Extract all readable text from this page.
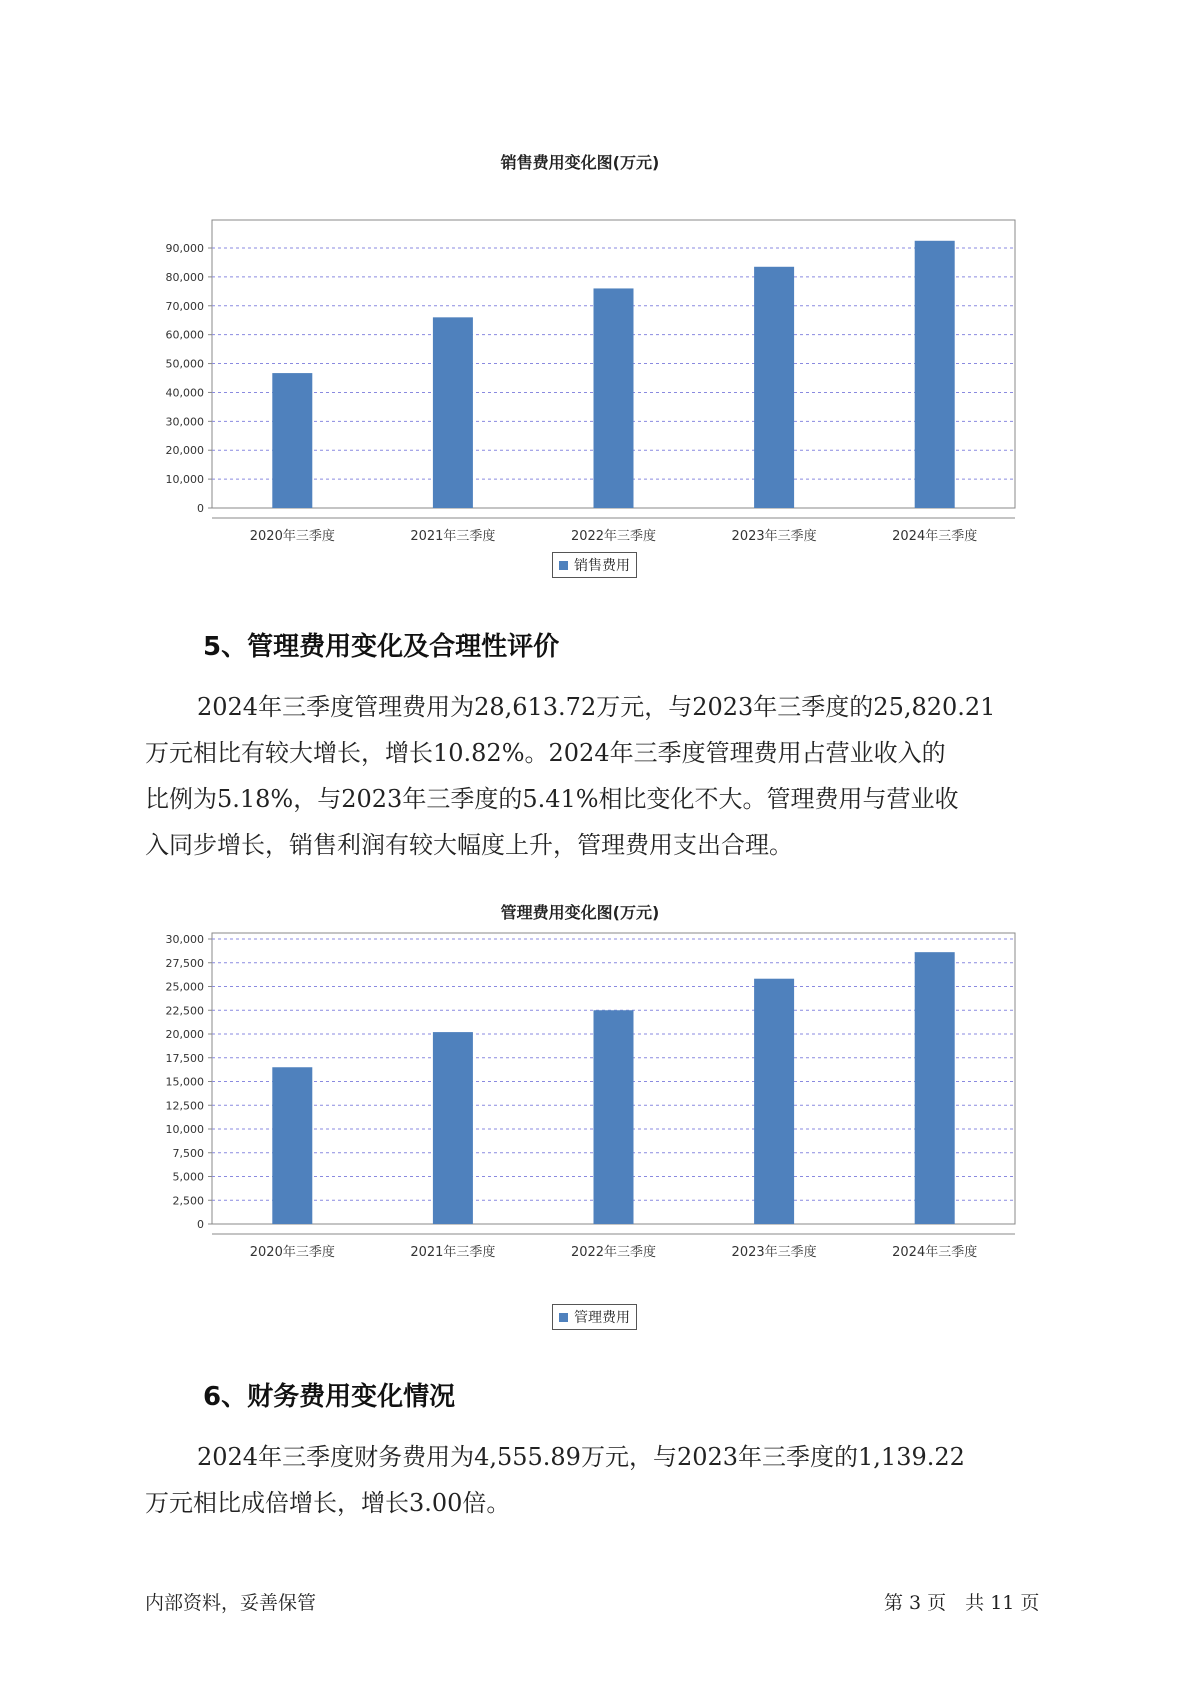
销售费用变化图(万元)
0
10,000
20,000
30,000
40,000
50,000
60,000
70,000
80,000
90,000
2020年三季度	2021年三季度	2022年三季度	2023年三季度	2024年三季度
销售费用
5、管理费用变化及合理性评价
2024年三季度管理费用为28,613.72万元，与2023年三季度的25,820.21
万元相比有较大增长，增长10.82%。2024年三季度管理费用占营业收入的
比例为5.18%，与2023年三季度的5.41%相比变化不大。管理费用与营业收
入同步增长，销售利润有较大幅度上升，管理费用支出合理。
管理费用变化图(万元)
0
2,500
5,000
7,500
10,000
12,500
15,000
17,500
20,000
22,500
25,000
27,500
30,000
2020年三季度	2021年三季度	2022年三季度	2023年三季度	2024年三季度
管理费用
6、财务费用变化情况
2024年三季度财务费用为4,555.89万元，与2023年三季度的1,139.22
万元相比成倍增长，增长3.00倍。
内部资料，妥善保管	第 3 页　共 11 页
